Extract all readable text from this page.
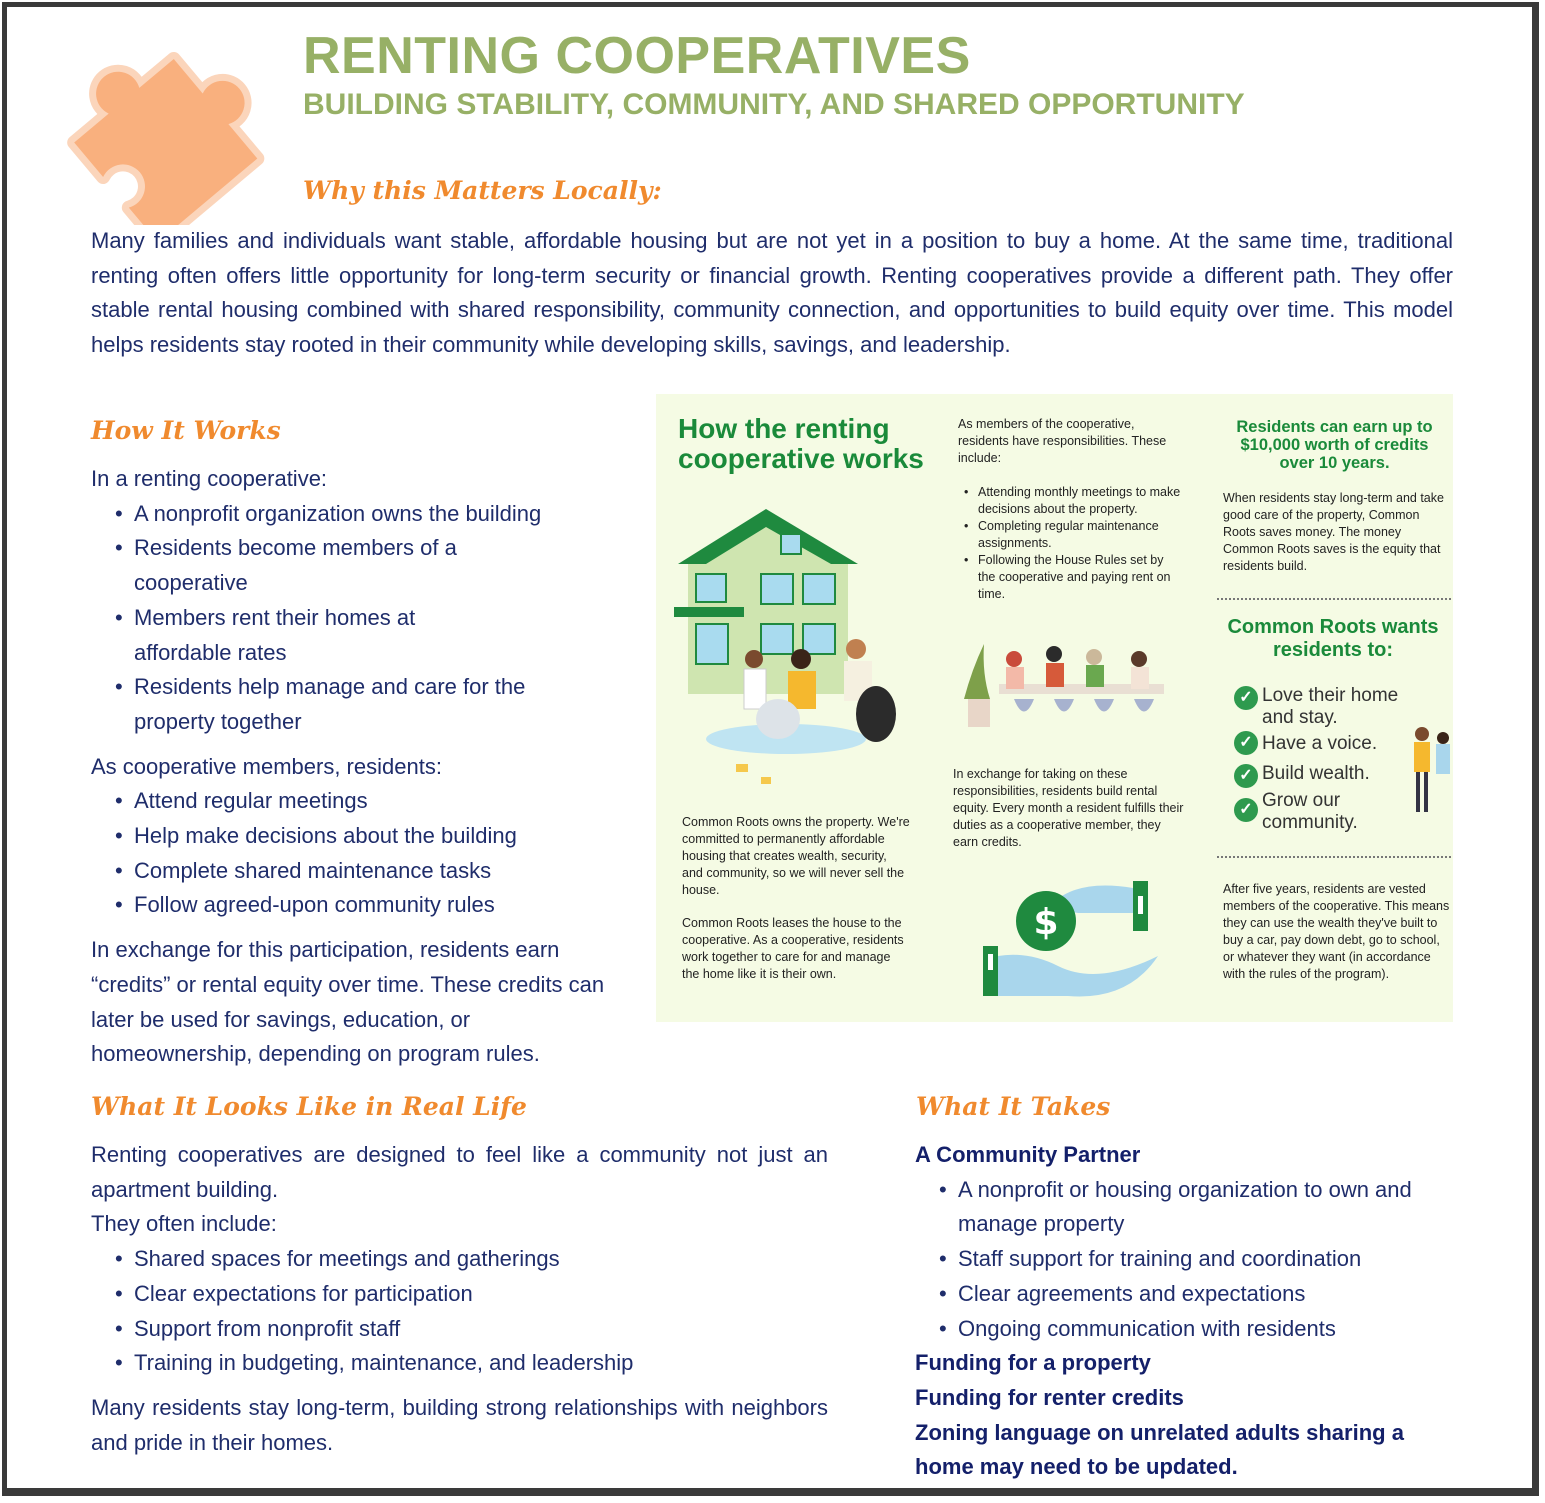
RENTING COOPERATIVES
BUILDING STABILITY, COMMUNITY, AND SHARED OPPORTUNITY
Why this Matters Locally:
Many families and individuals want stable, affordable housing but are not yet in a position to buy a home. At the same time, traditional renting often offers little opportunity for long-term security or financial growth. Renting cooperatives provide a different path. They offer stable rental housing combined with shared responsibility, community connection, and opportunities to build equity over time. This model helps residents stay rooted in their community while developing skills, savings, and leadership.
How It Works
In a renting cooperative:
• A nonprofit organization owns the building
• Residents become members of a cooperative
• Members rent their homes at affordable rates
• Residents help manage and care for the property together
As cooperative members, residents:
• Attend regular meetings
• Help make decisions about the building
• Complete shared maintenance tasks
• Follow agreed-upon community rules
In exchange for this participation, residents earn “credits” or rental equity over time. These credits can later be used for savings, education, or homeownership, depending on program rules.
How the renting cooperative works
Common Roots owns the property. We're committed to permanently affordable housing that creates wealth, security, and community, so we will never sell the house.
Common Roots leases the house to the cooperative. As a cooperative, residents work together to care for and manage the home like it is their own.
As members of the cooperative, residents have responsibilities. These include:
• Attending monthly meetings to make decisions about the property.
• Completing regular maintenance assignments.
• Following the House Rules set by the cooperative and paying rent on time.
In exchange for taking on these responsibilities, residents build rental equity. Every month a resident fulfills their duties as a cooperative member, they earn credits.
$
Residents can earn up to $10,000 worth of credits over 10 years.
When residents stay long-term and take good care of the property, Common Roots saves money. The money Common Roots saves is the equity that residents build.
Common Roots wants residents to:
✓ Love their home and stay.
✓ Have a voice.
✓ Build wealth.
✓ Grow our community.
After five years, residents are vested members of the cooperative. This means they can use the wealth they've built to buy a car, pay down debt, go to school, or whatever they want (in accordance with the rules of the program).
What It Looks Like in Real Life
Renting cooperatives are designed to feel like a community not just an apartment building.
They often include:
• Shared spaces for meetings and gatherings
• Clear expectations for participation
• Support from nonprofit staff
• Training in budgeting, maintenance, and leadership
Many residents stay long-term, building strong relationships with neighbors and pride in their homes.
What It Takes
A Community Partner
• A nonprofit or housing organization to own and manage property
• Staff support for training and coordination
• Clear agreements and expectations
• Ongoing communication with residents
Funding for a property
Funding for renter credits
Zoning language on unrelated adults sharing a home may need to be updated.
